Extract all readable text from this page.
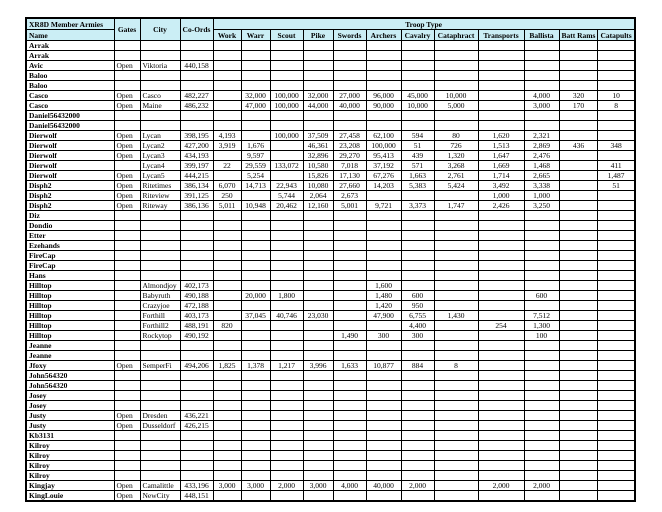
XR8D Member Armies	Gates	City	Co-Ords	Troop Type											
Name				Work	Warr	Scout	Pike	Swords	Archers	Cavalry	Cataphract	Transports	Ballista	Batt Rams	Catapults
Arrak															
Arrak															
Avic	Open	Viktoria	440,158												
Baloo															
Baloo															
Casco	Open	Casco	482,227		32,000	100,000	32,000	27,000	96,000	45,000	10,000		4,000	320	10
Casco	Open	Maine	486,232		47,000	100,000	44,000	40,000	90,000	10,000	5,000		3,000	170	8
Daniel56432000															
Daniel56432000															
Dierwolf	Open	Lycan	398,195	4,193		100,000	37,509	27,458	62,100	594	80	1,620	2,321		
Dierwolf	Open	Lycan2	427,200	3,919	1,676		46,361	23,208	100,000	51	726	1,513	2,869	436	348
Dierwolf	Open	Lycan3	434,193		9,597		32,896	29,270	95,413	439	1,320	1,647	2,476		
Dierwolf		Lycan4	399,197	22	29,559	133,072	10,580	7,018	37,192	571	3,268	1,669	1,468		411
Dierwolf	Open	Lycan5	444,215		5,254		15,826	17,130	67,276	1,663	2,761	1,714	2,665		1,487
Disph2	Open	Ritetimes	386,134	6,070	14,713	22,943	10,080	27,660	14,203	5,383	5,424	3,492	3,338		51
Disph2	Open	Riteview	391,125	250		5,744	2,064	2,673				1,000	1,000		
Disph2	Open	Riteway	386,136	5,011	10,948	20,462	12,160	5,001	9,721	3,373	1,747	2,426	3,250		
Diz															
Dondio															
Etter															
Ezehands															
FireCap															
FireCap															
Hans															
Hilltop		Almondjoy	402,173						1,600						
Hilltop		Babyruth	490,188		20,000	1,800			1,480	600			600		
Hilltop		Crazyjoe	472,188						1,420	950					
Hilltop		Forthill	403,173		37,045	40,746	23,030		47,900	6,755	1,430		7,512		
Hilltop		Forthill2	488,191	820						4,400		254	1,300		
Hilltop		Rockytop	490,192					1,490	300	300			100		
Jeanne															
Jeanne															
Jfoxy	Open	SemperFi	494,206	1,825	1,378	1,217	3,996	1,633	10,877	884	8				
John564320															
John564320															
Josey															
Josey															
Justy	Open	Dresden	436,221												
Justy	Open	Dusseldorf	426,215												
Kb3131															
Kilroy															
Kilroy															
Kilroy															
Kilroy															
Kingjay	Open	Camalittle	433,196	3,000	3,000	2,000	3,000	4,000	40,000	2,000		2,000	2,000		
KingLouie	Open	NewCity	448,151												
